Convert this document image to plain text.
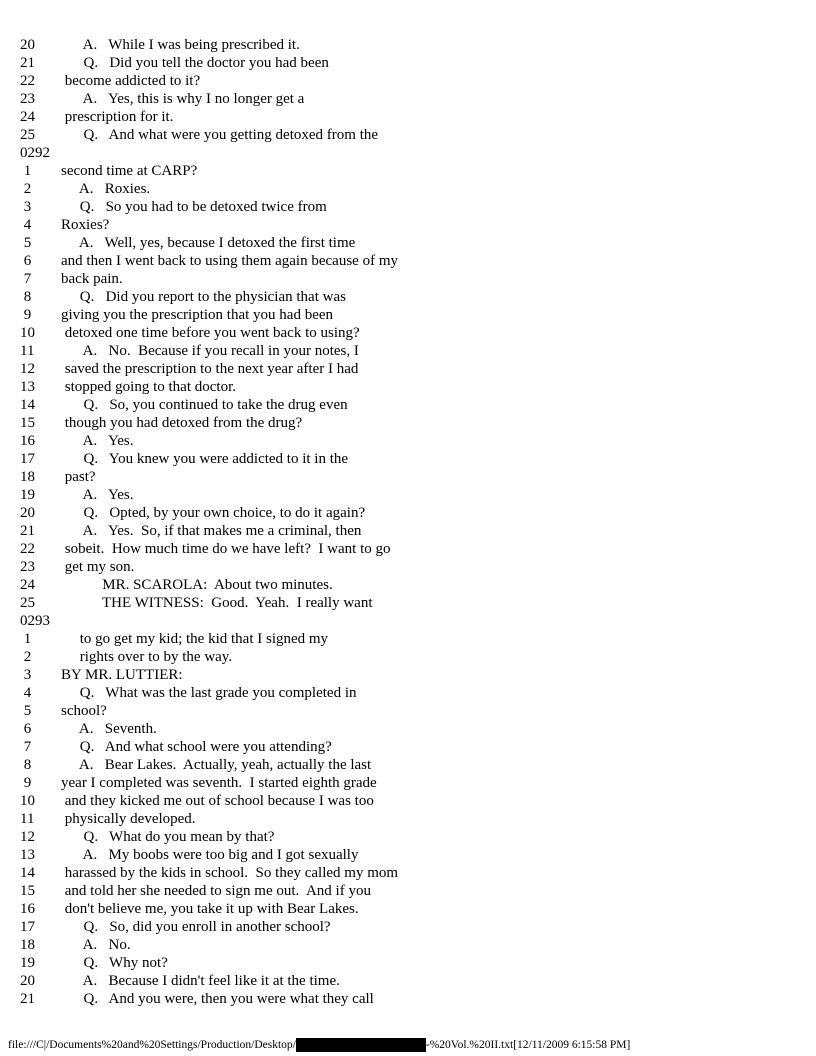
20	A.   While I was being prescribed it.
21	Q.   Did you tell the doctor you had been
22	become addicted to it?
23	A.   Yes, this is why I no longer get a
24	prescription for it.
25	Q.   And what were you getting detoxed from the
0292
1	second time at CARP?
2	A.   Roxies.
3	Q.   So you had to be detoxed twice from
4	Roxies?
5	A.   Well, yes, because I detoxed the first time
6	and then I went back to using them again because of my
7	back pain.
8	Q.   Did you report to the physician that was
9	giving you the prescription that you had been
10	detoxed one time before you went back to using?
11	A.   No.  Because if you recall in your notes, I
12	saved the prescription to the next year after I had
13	stopped going to that doctor.
14	Q.   So, you continued to take the drug even
15	though you had detoxed from the drug?
16	A.   Yes.
17	Q.   You knew you were addicted to it in the
18	past?
19	A.   Yes.
20	Q.   Opted, by your own choice, to do it again?
21	A.   Yes.  So, if that makes me a criminal, then
22	sobeit.  How much time do we have left?  I want to go
23	get my son.
24	MR. SCAROLA:  About two minutes.
25	THE WITNESS:  Good.  Yeah.  I really want
0293
1	to go get my kid; the kid that I signed my
2	rights over to by the way.
3	BY MR. LUTTIER:
4	Q.   What was the last grade you completed in
5	school?
6	A.   Seventh.
7	Q.   And what school were you attending?
8	A.   Bear Lakes.  Actually, yeah, actually the last
9	year I completed was seventh.  I started eighth grade
10	and they kicked me out of school because I was too
11	physically developed.
12	Q.   What do you mean by that?
13	A.   My boobs were too big and I got sexually
14	harassed by the kids in school.  So they called my mom
15	and told her she needed to sign me out.  And if you
16	don't believe me, you take it up with Bear Lakes.
17	Q.   So, did you enroll in another school?
18	A.   No.
19	Q.   Why not?
20	A.   Because I didn't feel like it at the time.
21	Q.   And you were, then you were what they call
file:///C|/Documents%20and%20Settings/Production/Desktop/	-%20Vol.%20II.txt[12/11/2009 6:15:58 PM]
